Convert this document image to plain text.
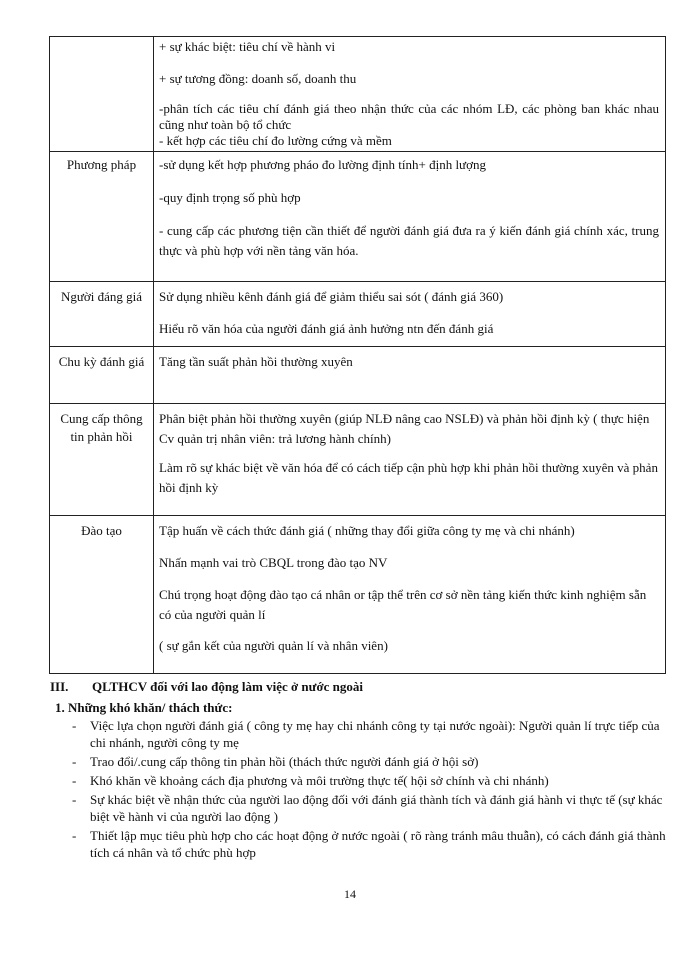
	+ sự khác biệt: tiêu chí về hành vi

+ sự tương đồng: doanh số, doanh thu

-phân tích các tiêu chí đánh giá theo nhận thức của các nhóm LĐ, các phòng ban khác nhau cũng như toàn bộ tổ chức
- kết hợp các tiêu chí đo lường cứng và mềm

Phương pháp	-sử dụng kết hợp phương pháo đo lường định tính+ định lượng

-quy định trọng số phù hợp

- cung cấp các phương tiện cần thiết để người đánh giá đưa ra ý kiến đánh giá chính xác, trung thực và phù hợp với nền tảng văn hóa.

Người đáng giá	Sử dụng nhiều kênh đánh giá để giảm thiểu sai sót ( đánh giá 360)

Hiểu rõ văn hóa của người đánh giá ảnh hưởng ntn đến đánh giá

Chu kỳ đánh giá	Tăng tần suất phản hồi thường xuyên

Cung cấp thông tin phản hồi	Phân biệt phản hồi thường xuyên (giúp NLĐ nâng cao NSLĐ) và phản hồi định kỳ ( thực hiện Cv quản trị nhân viên: trả lương hành chính)

Làm rõ sự khác biệt về văn hóa để có cách tiếp cận phù hợp khi phản hồi thường xuyên và phản hồi định kỳ

Đào tạo	Tập huấn về cách thức đánh giá ( những thay đổi giữa công ty mẹ và chi nhánh)

Nhấn mạnh vai trò CBQL trong đào tạo NV

Chú trọng hoạt động đào tạo cá nhân or tập thể trên cơ sở nền tảng kiến thức kinh nghiệm sẵn có của người quản lí

( sự gắn kết của người quản lí và nhân viên)

III. QLTHCV đối với lao động làm việc ở nước ngoài
1. Những khó khăn/ thách thức:
- Việc lựa chọn người đánh giá ( công ty mẹ hay chi nhánh công ty tại nước ngoài): Người quản lí trực tiếp của chi nhánh, người công ty mẹ
- Trao đổi/.cung cấp thông tin phản hồi (thách thức người đánh giá ở hội sở)
- Khó khăn về khoảng cách địa phương và môi trường thực tế( hội sở chính và chi nhánh)
- Sự khác biệt về nhận thức của người lao động đối với đánh giá thành tích và đánh giá hành vi thực tế (sự khác biệt về hành vi của người lao động )
- Thiết lập mục tiêu phù hợp cho các hoạt động ở nước ngoài ( rõ ràng tránh mâu thuẫn), có cách đánh giá thành tích cá nhân và tổ chức phù hợp
14
